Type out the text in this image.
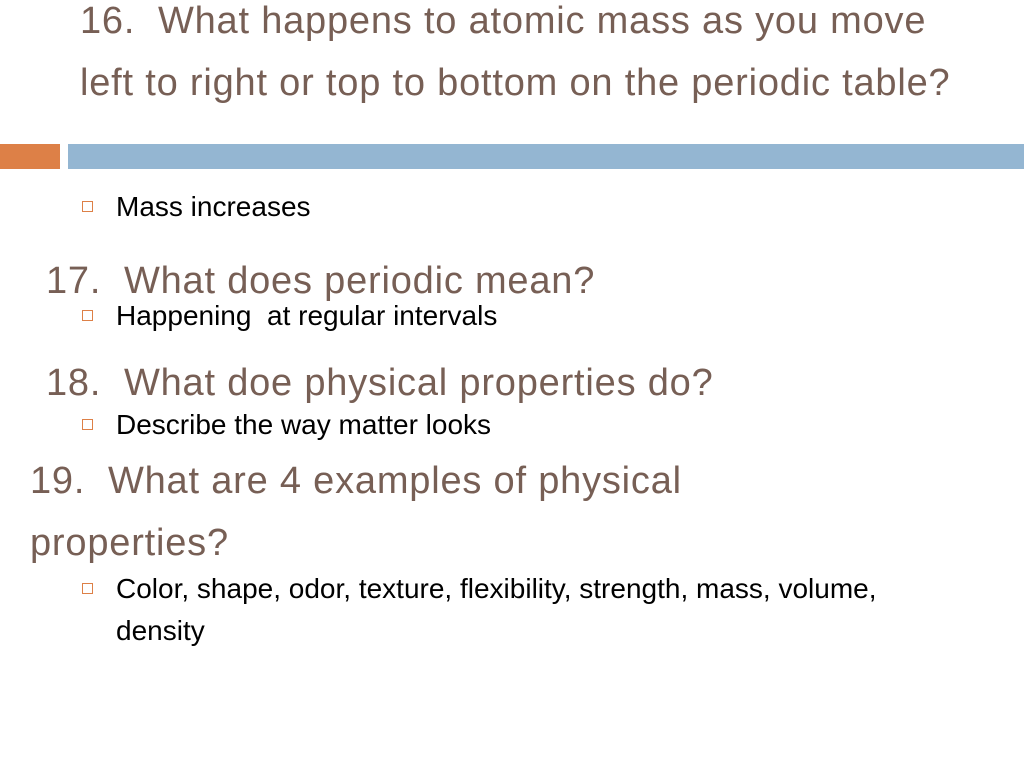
16.  What happens to atomic mass as you move left to right or top to bottom on the periodic table?

Mass increases

17.  What does periodic mean?

Happening  at regular intervals

18.  What doe physical properties do?

Describe the way matter looks

19.  What are 4 examples of physical properties?

Color, shape, odor, texture, flexibility, strength, mass, volume, density
